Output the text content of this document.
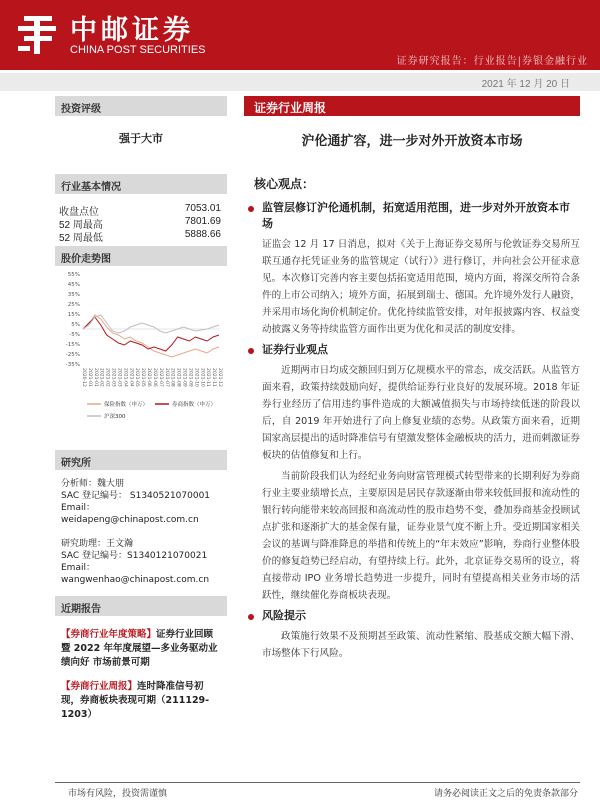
中邮证券
CHINA POST SECURITIES
证券研究报告：行业报告|券银金融行业
2021 年 12 月 20 日
投资评级
强于大市
行业基本情况
收盘点位	7053.01
52 周最高	7801.69
52 周最低	5888.66
股价走势图
55%
45%
35%
25%
15%
5%
-5%
-15%
-25%
-35%
2020-12 2021-01 2021-01 2021-02 2021-02 2021-03 2021-03 2021-04 2021-04 2021-05 2021-05 2021-06 2021-06 2021-07 2021-07 2021-08 2021-08 2021-09 2021-09 2021-10 2021-10 2021-11 2021-11 2021-12
保险指数（申万）	券商指数（申万）
沪深300
研究所
分析师：魏大朋
SAC 登记编号： S1340521070001
Email： weidapeng@chinapost.com.cn
研究助理：王文瀚
SAC 登记编号：S1340121070021
Email： wangwenhao@chinapost.com.cn
近期报告
【券商行业年度策略】证券行业回顾暨 2022 年年度展望—多业务驱动业绩向好 市场前景可期
【券商行业周报】连时降准信号初现，券商板块表现可期（211129-1203）
证券行业周报
沪伦通扩容，进一步对外开放资本市场
核心观点：
监管层修订沪伦通机制，拓宽适用范围，进一步对外开放资本市场
证监会 12 月 17 日消息，拟对《关于上海证券交易所与伦敦证券交易所互联互通存托凭证业务的监管规定（试行）》进行修订，并向社会公开征求意见。本次修订完善内容主要包括拓宽适用范围，境内方面，将深交所符合条件的上市公司纳入；境外方面，拓展到瑞士、德国。允许境外发行人融资，并采用市场化询价机制定价。优化持续监管安排，对年报披露内容、权益变动披露义务等持续监管方面作出更为优化和灵活的制度安排。
证券行业观点
近期两市日均成交额回归到万亿规模水平的常态，成交活跃。从监管方面来看，政策持续鼓励向好，提供给证券行业良好的发展环境。2018 年证券行业经历了信用违约事件造成的大额减值损失与市场持续低迷的阶段以后，自 2019 年开始进行了向上修复业绩的态势。从政策方面来看，近期国家高层提出的适时降准信号有望激发整体金融板块的活力，进而刺激证券板块的估值修复和上行。
当前阶段我们认为经纪业务向财富管理模式转型带来的长期利好为券商行业主要业绩增长点，主要原因是居民存款逐渐由带来较低回报和流动性的银行转向能带来较高回报和高流动性的股市趋势不变，叠加券商基金投顾试点扩张和逐渐扩大的基金保有量，证券业景气度不断上升。受近期国家相关会议的基调与降准降息的举措和传统上的“年末效应”影响，券商行业整体股价的修复趋势已经启动，有望持续上行。此外，北京证券交易所的设立，将直接带动 IPO 业务增长趋势进一步提升，同时有望提高相关业务市场的活跃性，继续催化券商板块表现。
风险提示
政策施行效果不及预期甚至政策、流动性紧缩、股基成交额大幅下滑、市场整体下行风险。
市场有风险，投资需谨慎	请务必阅读正文之后的免责条款部分
